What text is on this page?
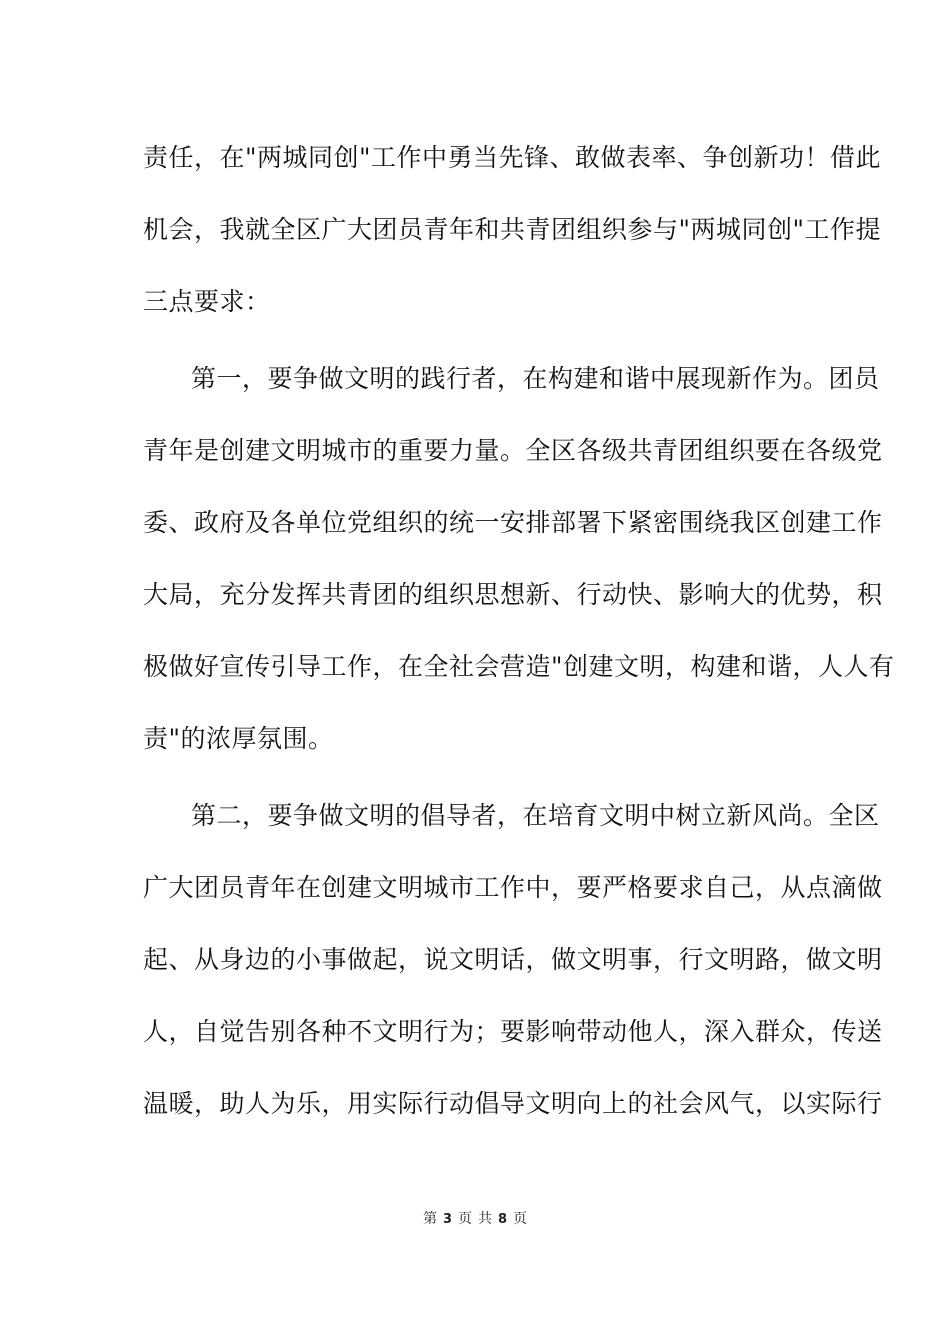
责任，在"两城同创"工作中勇当先锋、敢做表率、争创新功！借此
机会，我就全区广大团员青年和共青团组织参与"两城同创"工作提
三点要求：
第一，要争做文明的践行者，在构建和谐中展现新作为。团员
青年是创建文明城市的重要力量。全区各级共青团组织要在各级党
委、政府及各单位党组织的统一安排部署下紧密围绕我区创建工作
大局，充分发挥共青团的组织思想新、行动快、影响大的优势，积
极做好宣传引导工作，在全社会营造"创建文明，构建和谐，人人有
责"的浓厚氛围。
第二，要争做文明的倡导者，在培育文明中树立新风尚。全区
广大团员青年在创建文明城市工作中，要严格要求自己，从点滴做
起、从身边的小事做起，说文明话，做文明事，行文明路，做文明
人，自觉告别各种不文明行为；要影响带动他人，深入群众，传送
温暖，助人为乐，用实际行动倡导文明向上的社会风气，以实际行
第 3 页 共 8 页
